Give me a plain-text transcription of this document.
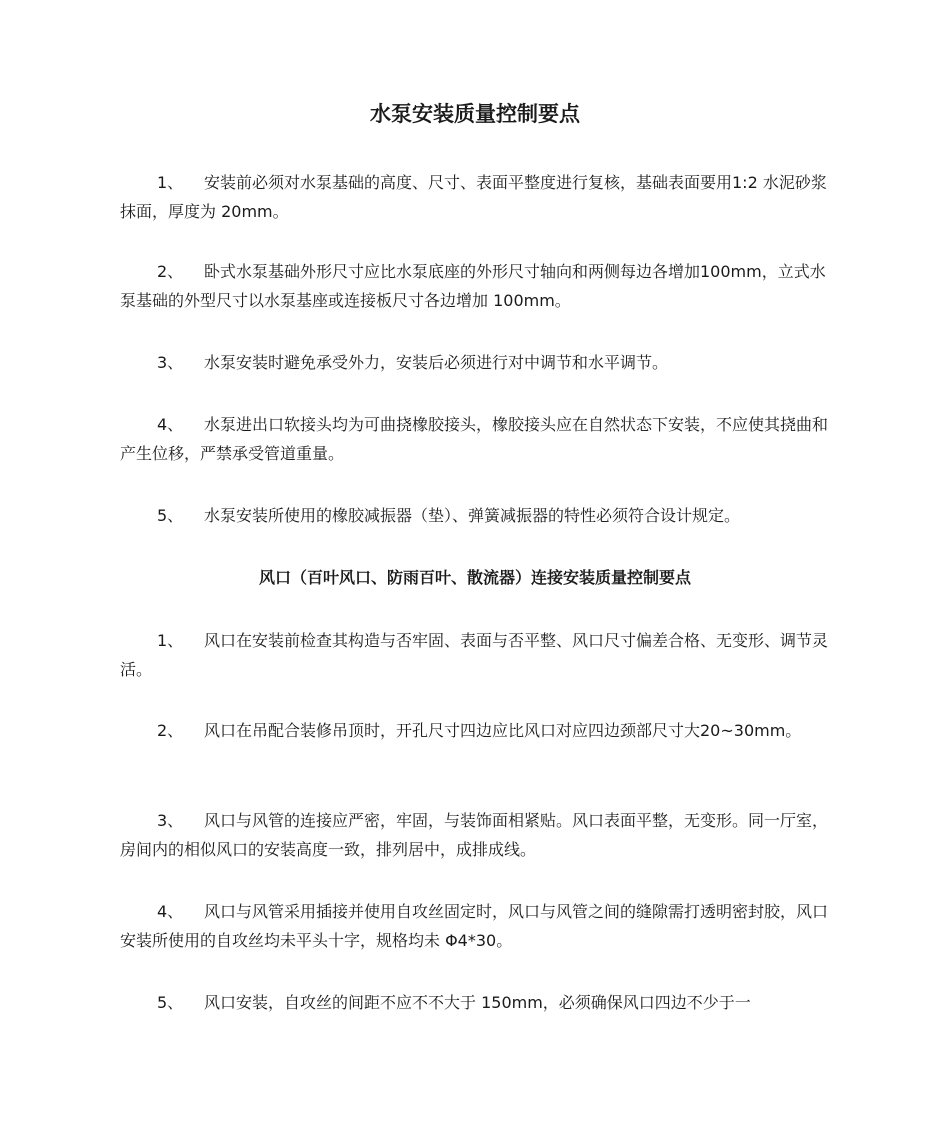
水泵安装质量控制要点

1、 安装前必须对水泵基础的高度、尺寸、表面平整度进行复核，基础表面要用1:2 水泥砂浆抹面，厚度为 20mm。

2、 卧式水泵基础外形尺寸应比水泵底座的外形尺寸轴向和两侧每边各增加100mm，立式水泵基础的外型尺寸以水泵基座或连接板尺寸各边增加 100mm。

3、 水泵安装时避免承受外力，安装后必须进行对中调节和水平调节。

4、 水泵进出口软接头均为可曲挠橡胶接头，橡胶接头应在自然状态下安装，不应使其挠曲和产生位移，严禁承受管道重量。

5、 水泵安装所使用的橡胶减振器（垫）、弹簧减振器的特性必须符合设计规定。

风口（百叶风口、防雨百叶、散流器）连接安装质量控制要点

1、 风口在安装前检查其构造与否牢固、表面与否平整、风口尺寸偏差合格、无变形、调节灵活。

2、 风口在吊配合装修吊顶时，开孔尺寸四边应比风口对应四边颈部尺寸大20~30mm。

3、 风口与风管的连接应严密，牢固，与装饰面相紧贴。风口表面平整，无变形。同一厅室，房间内的相似风口的安装高度一致，排列居中，成排成线。

4、 风口与风管采用插接并使用自攻丝固定时，风口与风管之间的缝隙需打透明密封胶，风口安装所使用的自攻丝均未平头十字，规格均未 Φ4*30。

5、 风口安装，自攻丝的间距不应不不大于 150mm，必须确保风口四边不少于一
